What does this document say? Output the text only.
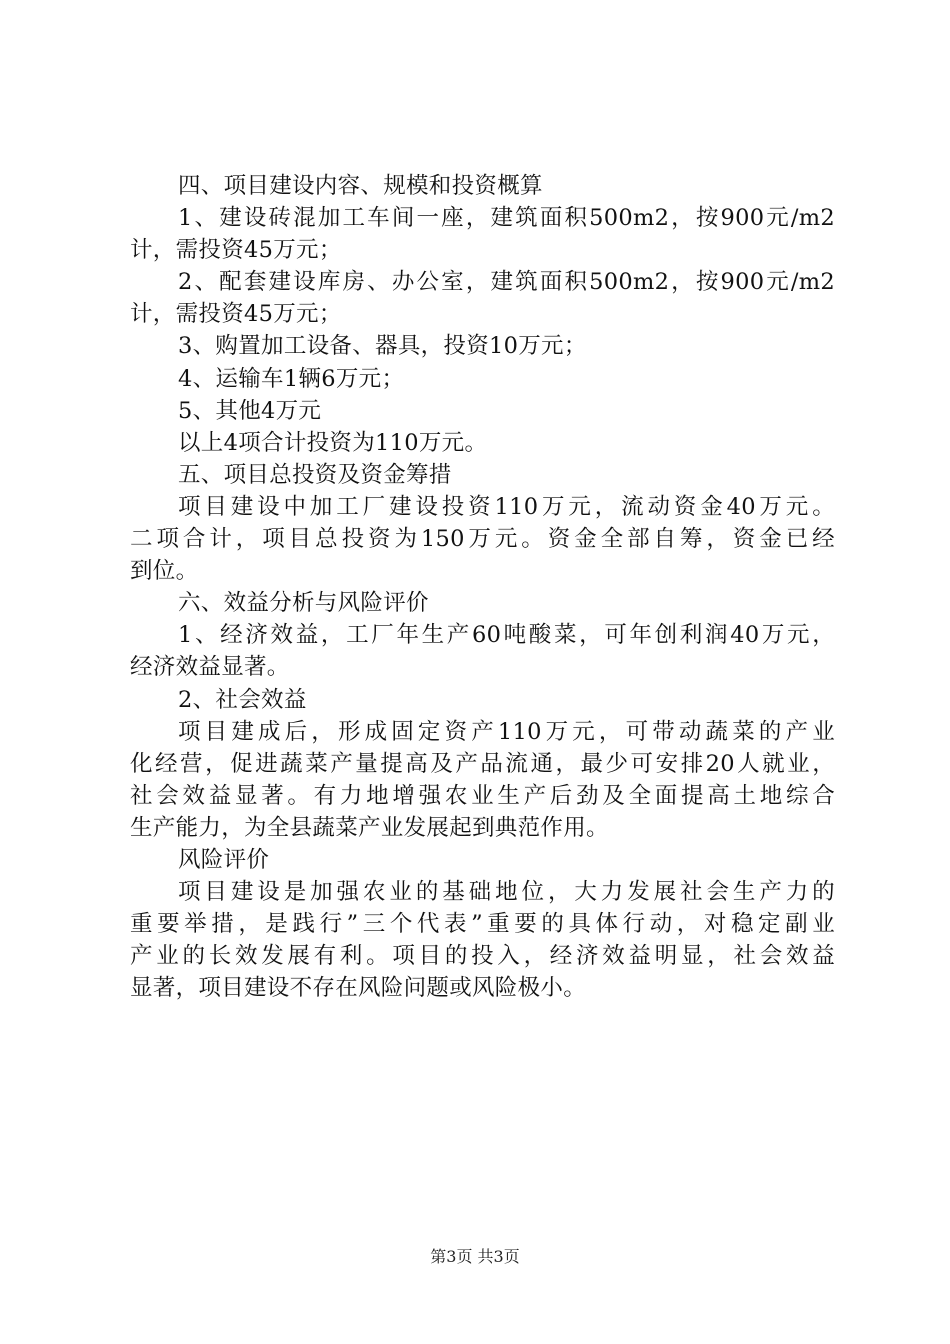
四、项目建设内容、规模和投资概算
1、建设砖混加工车间一座，建筑面积500m2，按900元/m2
计，需投资45万元；
2、配套建设库房、办公室，建筑面积500m2，按900元/m2
计，需投资45万元；
3、购置加工设备、器具，投资10万元；
4、运输车1辆6万元；
5、其他4万元
以上4项合计投资为110万元。
五、项目总投资及资金筹措
项目建设中加工厂建设投资110万元，流动资金40万元。
二项合计，项目总投资为150万元。资金全部自筹，资金已经
到位。
六、效益分析与风险评价
1、经济效益，工厂年生产60吨酸菜，可年创利润40万元，
经济效益显著。
2、社会效益
项目建成后，形成固定资产110万元，可带动蔬菜的产业
化经营，促进蔬菜产量提高及产品流通，最少可安排20人就业，
社会效益显著。有力地增强农业生产后劲及全面提高土地综合
生产能力，为全县蔬菜产业发展起到典范作用。
风险评价
项目建设是加强农业的基础地位，大力发展社会生产力的
重要举措，是践行”三个代表”重要的具体行动，对稳定副业
产业的长效发展有利。项目的投入，经济效益明显，社会效益
显著，项目建设不存在风险问题或风险极小。
第3页 共3页
